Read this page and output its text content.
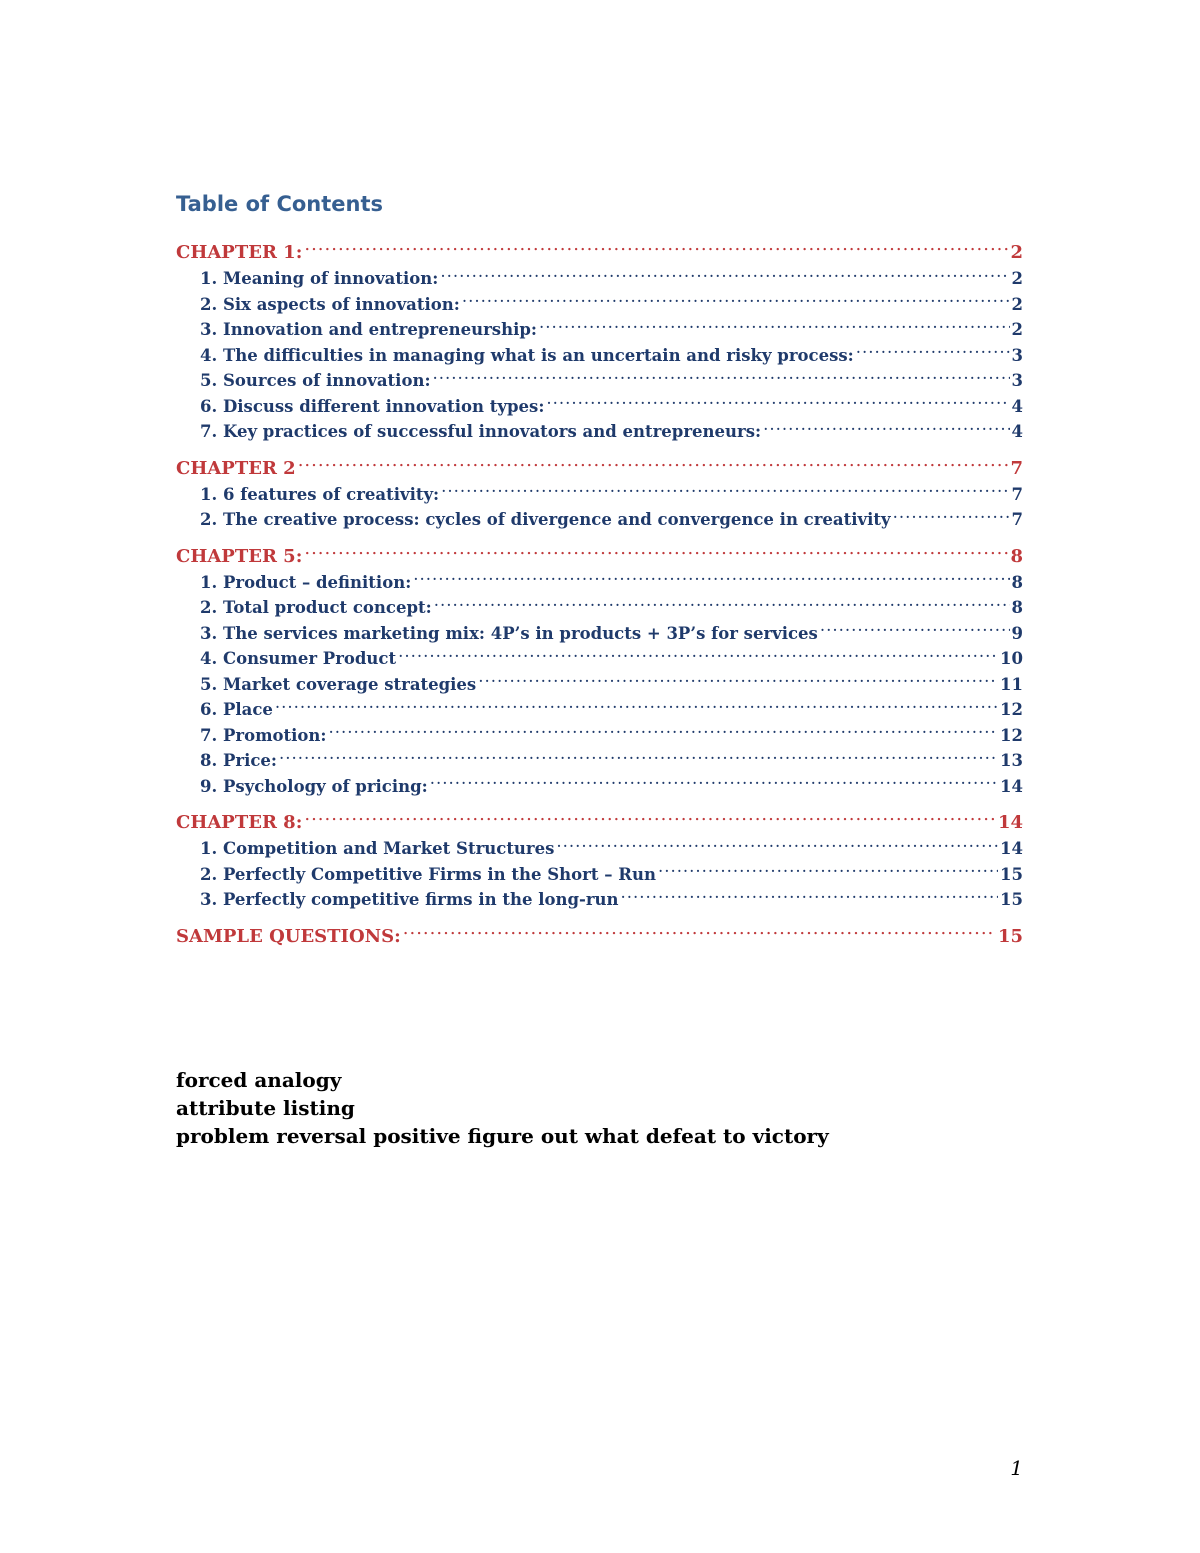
Table of Contents
CHAPTER 1: .....	2
1. Meaning of innovation: .....	2
2. Six aspects of innovation: .....	2
3. Innovation and entrepreneurship: .....	2
4. The difficulties in managing what is an uncertain and risky process: .....	3
5. Sources of innovation: .....	3
6. Discuss different innovation types: .....	4
7. Key practices of successful innovators and entrepreneurs: .....	4
CHAPTER 2 .....	7
1. 6 features of creativity: .....	7
2. The creative process: cycles of divergence and convergence in creativity .....	7
CHAPTER 5: .....	8
1. Product – definition: .....	8
2. Total product concept: .....	8
3. The services marketing mix: 4P’s in products + 3P’s for services .....	9
4. Consumer Product .....	10
5. Market coverage strategies .....	11
6. Place .....	12
7. Promotion: .....	12
8. Price: .....	13
9. Psychology of pricing: .....	14
CHAPTER 8: .....	14
1. Competition and Market Structures .....	14
2. Perfectly Competitive Firms in the Short – Run .....	15
3. Perfectly competitive firms in the long-run .....	15
SAMPLE QUESTIONS: .....	15
forced analogy
attribute listing
problem reversal positive figure out what defeat to victory
1
